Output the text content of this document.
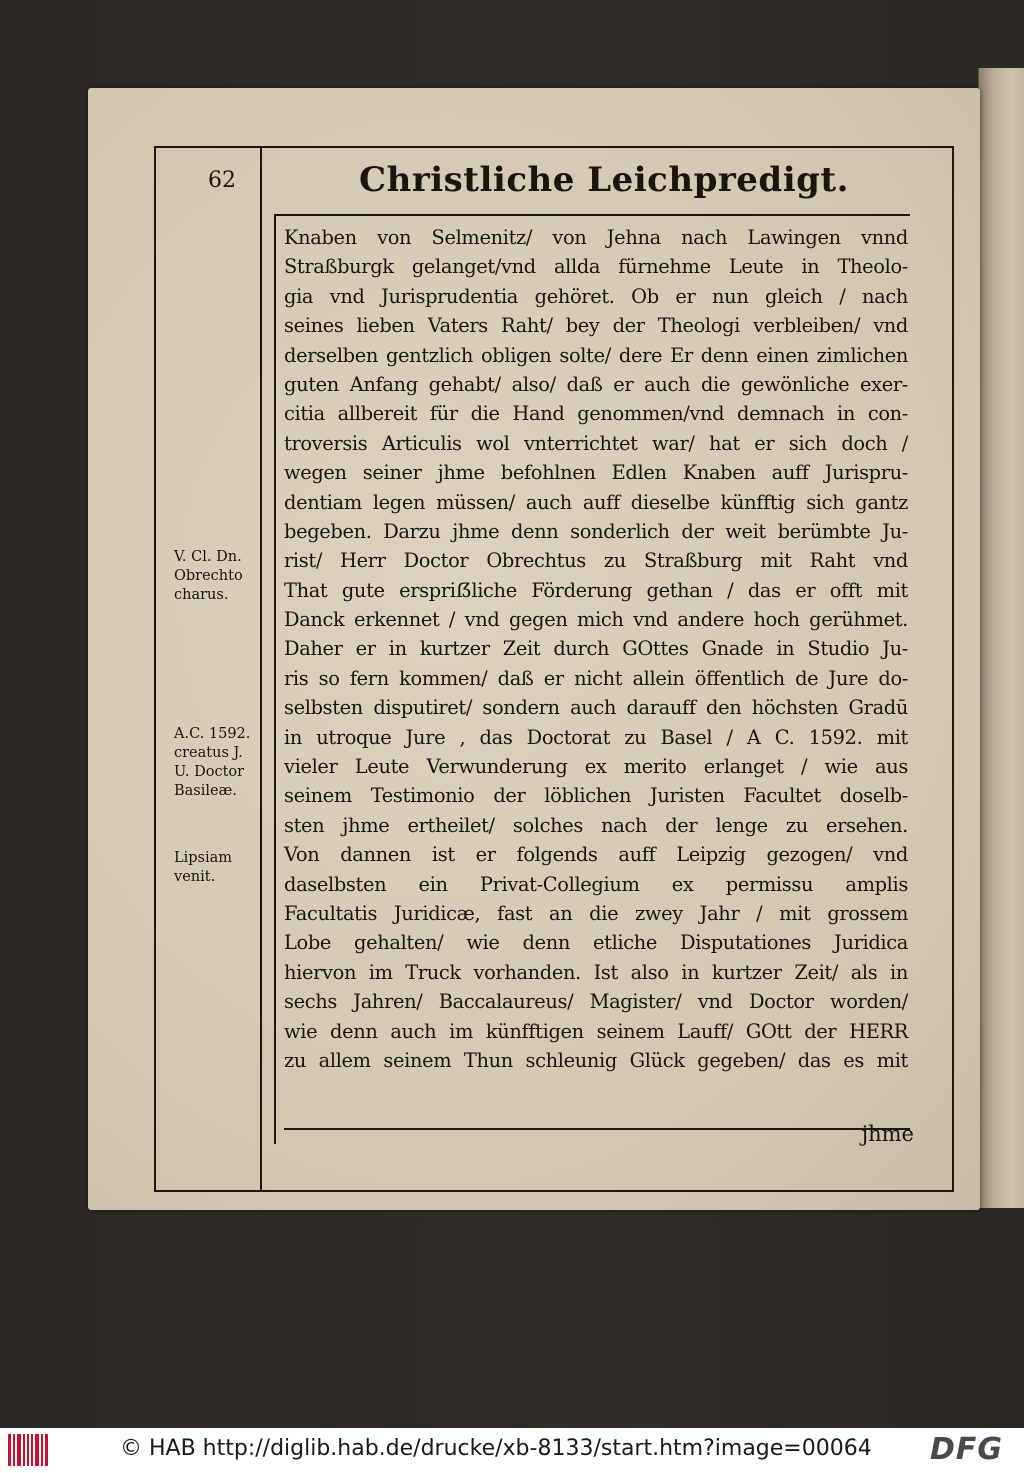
62	Christliche Leichpredigt.
Knaben von Selmenitz/ von Jehna nach Lawingen vnnd
Straßburgk gelanget/vnd allda fürnehme Leute in Theolo-
gia vnd Jurisprudentia gehöret. Ob er nun gleich / nach
seines lieben Vaters Raht/ bey der Theologi verbleiben/ vnd
derselben gentzlich obligen solte/ dere Er denn einen zimlichen
guten Anfang gehabt/ also/ daß er auch die gewönliche exer-
citia allbereit für die Hand genommen/vnd demnach in con-
troversis Articulis wol vnterrichtet war/ hat er sich doch /
wegen seiner jhme befohlnen Edlen Knaben auff Jurispru-
dentiam legen müssen/ auch auff dieselbe künfftig sich gantz
begeben. Darzu jhme denn sonderlich der weit berümbte Ju-
rist/ Herr Doctor Obrechtus zu Straßburg mit Raht vnd
That gute erspriẞliche Förderung gethan / das er offt mit
Danck erkennet / vnd gegen mich vnd andere hoch gerühmet.
Daher er in kurtzer Zeit durch GOttes Gnade in Studio Ju-
ris so fern kommen/ daß er nicht allein öffentlich de Jure do-
selbsten disputiret/ sondern auch darauff den höchsten Gradū
in utroque Jure , das Doctorat zu Basel / A C. 1592. mit
vieler Leute Verwunderung ex merito erlanget / wie aus
seinem Testimonio der löblichen Juristen Facultet doselb-
sten jhme ertheilet/ solches nach der lenge zu ersehen.
Von dannen ist er folgends auff Leipzig gezogen/ vnd
daselbsten ein Privat-Collegium ex permissu amplis
Facultatis Juridicæ, fast an die zwey Jahr / mit grossem
Lobe gehalten/ wie denn etliche Disputationes Juridica
hiervon im Truck vorhanden. Ist also in kurtzer Zeit/ als in
sechs Jahren/ Baccalaureus/ Magister/ vnd Doctor worden/
wie denn auch im künfftigen seinem Lauff/ GOtt der HERR
zu allem seinem Thun schleunig Glück gegeben/ das es mit
jhme
V. Cl. Dn.
Obrechto
charus.
A.C. 1592.
creatus J.
U. Doctor
Basileæ.
Lipsiam
venit.
© HAB http://diglib.hab.de/drucke/xb-8133/start.htm?image=00064	DFG
